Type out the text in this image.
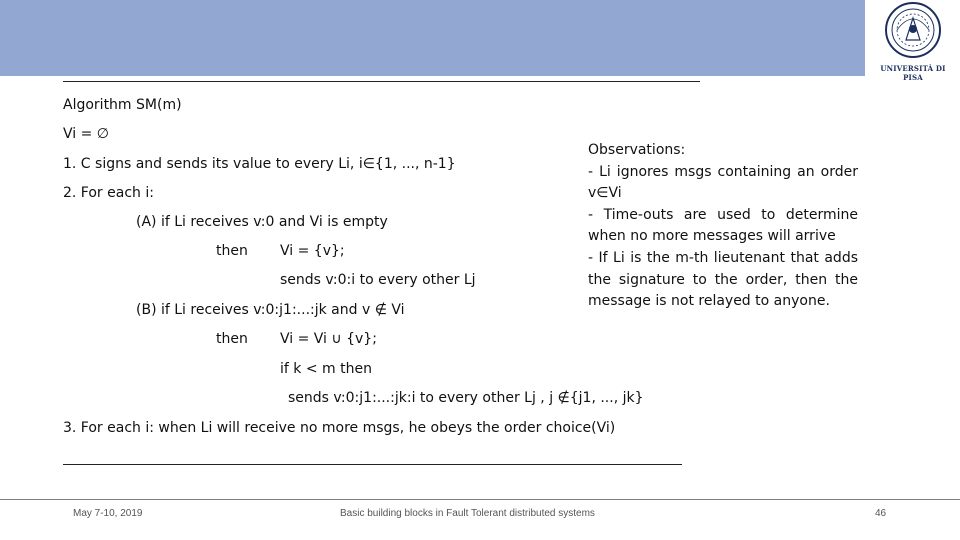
UNIVERSITÀ DI PISA
Algorithm SM(m)
Vi = ∅
1. C signs and sends its value to every Li, i∈{1, ..., n-1}
2. For each i:
(A) if Li receives v:0 and Vi is empty
then Vi = {v};
sends v:0:i to every other Lj
(B) if Li receives v:0:j1:...:jk and v ∉ Vi
then Vi = Vi ∪ {v};
if k < m then
sends v:0:j1:...:jk:i to every other Lj , j ∉{j1, ..., jk}
3. For each i: when Li will receive no more msgs, he obeys the order choice(Vi)
Observations:
- Li ignores msgs containing an order v∈Vi
- Time-outs are used to determine when no more messages will arrive
- If Li is the m-th lieutenant that adds the signature to the order, then the message is not relayed to anyone.
May 7-10, 2019	Basic building blocks in Fault Tolerant distributed systems	46
